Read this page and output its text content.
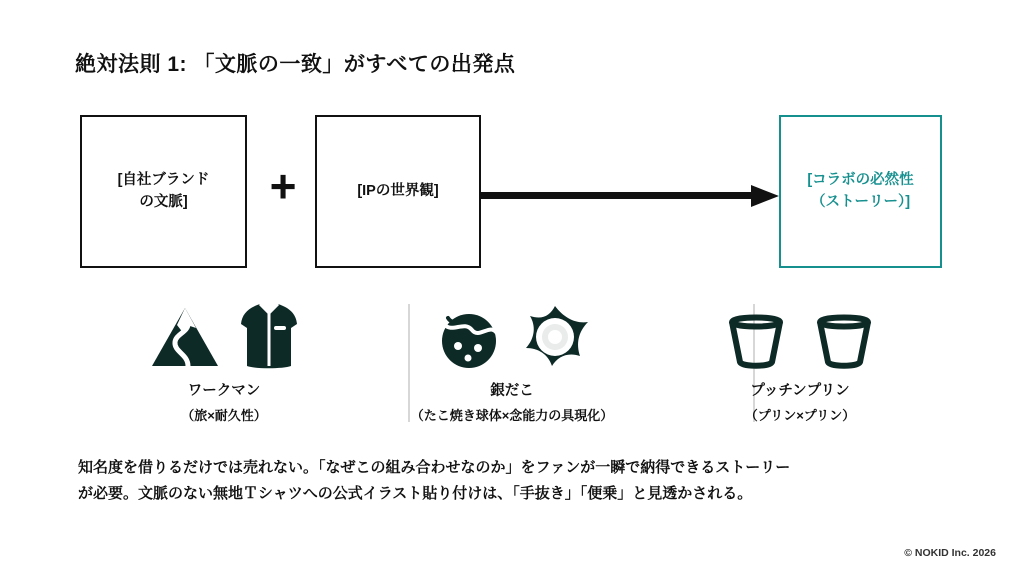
絶対法則 1: 「文脈の一致」がすべての出発点
[自社ブランド
の文脈] +	[IPの世界観]
[コラボの必然性
（ストーリー）]
ワークマン
（旅×耐久性）
銀だこ
（たこ焼き球体×念能力の具現化）
プッチンプリン
（プリン×プリン）
知名度を借りるだけでは売れない。「なぜこの組み合わせなのか」をファンが一瞬で納得できるストーリー
が必要。文脈のない無地Ｔシャツへの公式イラスト貼り付けは、「手抜き」「便乗」と見透かされる。
© NOKID Inc. 2026
